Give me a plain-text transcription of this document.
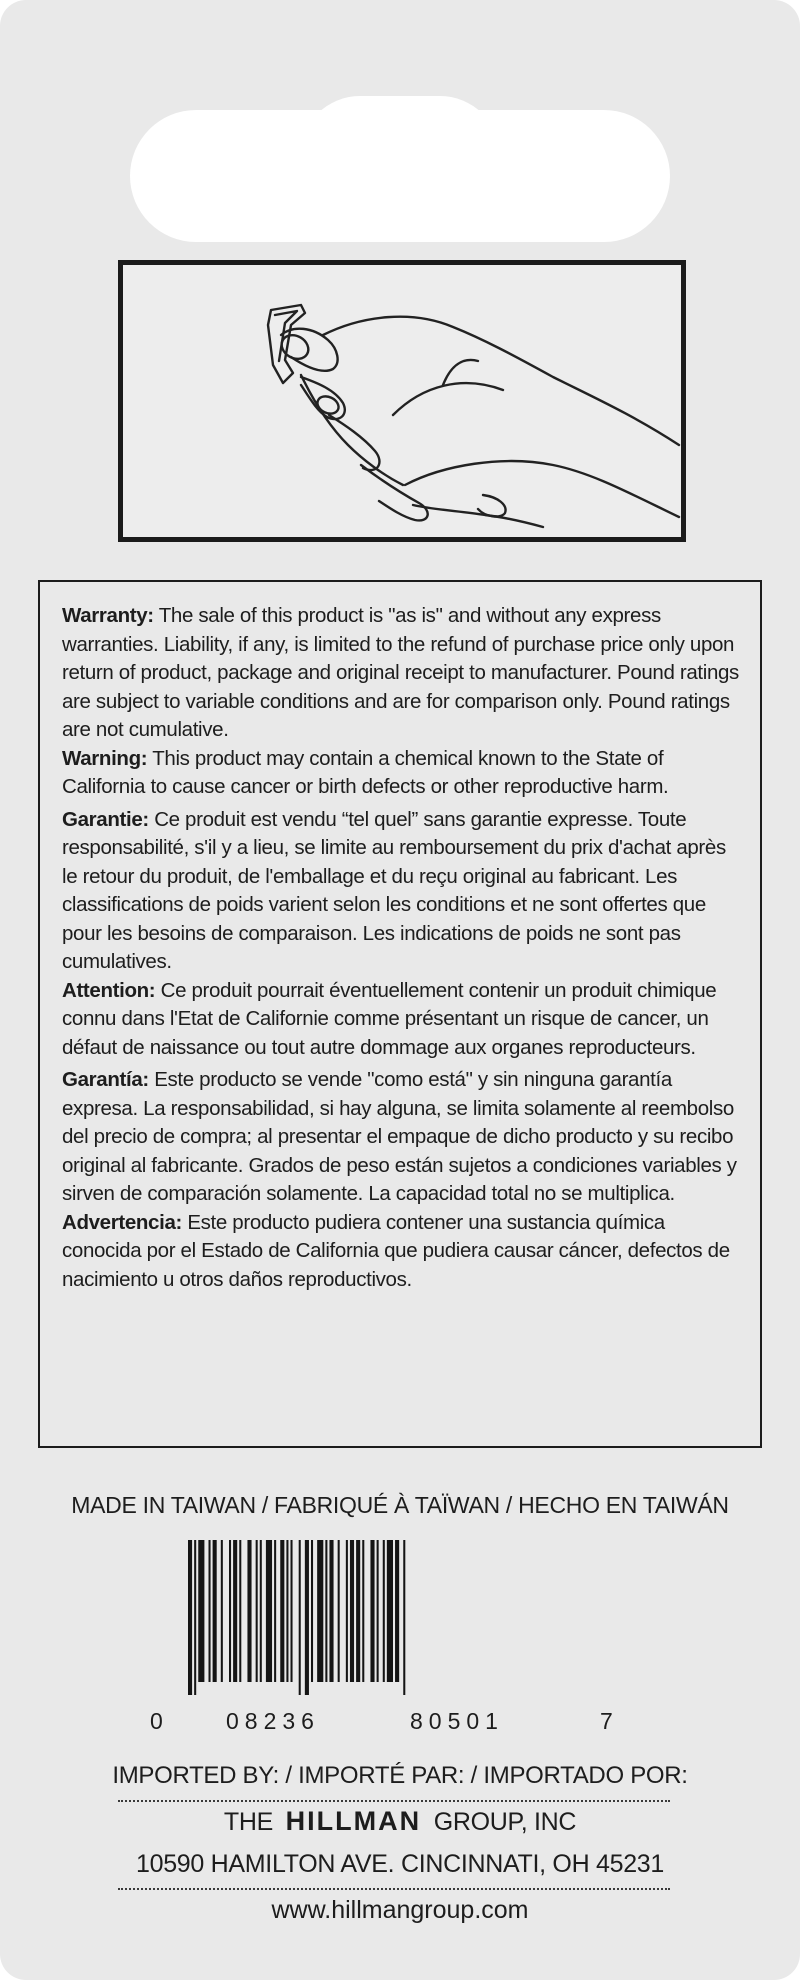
Warranty: The sale of this product is "as is" and without any express warranties. Liability, if any, is limited to the refund of purchase price only upon return of product, package and original receipt to manufacturer. Pound ratings are subject to variable conditions and are for comparison only. Pound ratings are not cumulative.

Warning: This product may contain a chemical known to the State of California to cause cancer or birth defects or other reproductive harm.

Garantie: Ce produit est vendu “tel quel” sans garantie expresse. Toute responsabilité, s'il y a lieu, se limite au remboursement du prix d'achat après le retour du produit, de l'emballage et du reçu original au fabricant. Les classifications de poids varient selon les conditions et ne sont offertes que pour les besoins de comparaison. Les indications de poids ne sont pas cumulatives.

Attention: Ce produit pourrait éventuellement contenir un produit chimique connu dans l'Etat de Californie comme présentant un risque de cancer, un défaut de naissance ou tout autre dommage aux organes reproducteurs.

Garantía: Este producto se vende "como está" y sin ninguna garantía expresa. La responsabilidad, si hay alguna, se limita solamente al reembolso del precio de compra; al presentar el empaque de dicho producto y su recibo original al fabricante. Grados de peso están sujetos a condiciones variables y sirven de comparación solamente. La capacidad total no se multiplica.

Advertencia: Este producto pudiera contener una sustancia química conocida por el Estado de California que pudiera causar cáncer, defectos de nacimiento u otros daños reproductivos.

MADE IN TAIWAN / FABRIQUÉ À TAÏWAN / HECHO EN TAIWÁN
0	08236	80501	7
IMPORTED BY: / IMPORTÉ PAR: / IMPORTADO POR:
THE HILLMAN GROUP, INC
10590 HAMILTON AVE. CINCINNATI, OH 45231
www.hillmangroup.com
